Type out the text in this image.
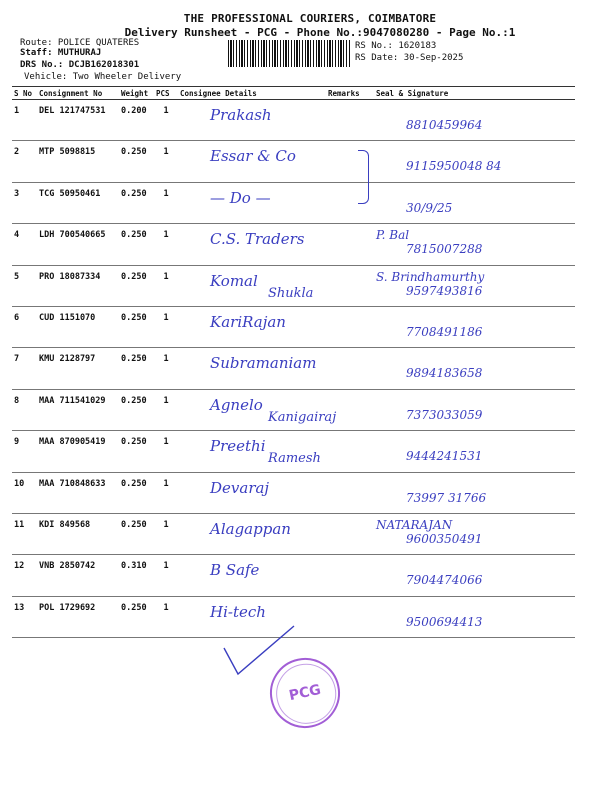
THE PROFESSIONAL COURIERS, COIMBATORE
Delivery Runsheet - PCG - Phone No.:9047080280 - Page No.:1
Route: POLICE QUATERES
Staff: MUTHURAJ
DRS No.: DCJB162018301
Vehicle: Two Wheeler Delivery
RS No.: 1620183
RS Date: 30-Sep-2025
S No	Consignment No	Weight	PCS	Consignee Details	Remarks	Seal & Signature
1	DEL 121747531	0.200	1	Prakash		8810459964

2	MTP 5098815	0.250	1	Essar & Co		9115950048 84

3	TCG 50950461	0.250	1	— Do —		30/9/25

4	LDH 700540665	0.250	1	C.S. Traders		P. Bal
7815007288

5	PRO 18087334	0.250	1	Komal
Shukla		S. Brindhamurthy
9597493816

6	CUD 1151070	0.250	1	KariRajan		7708491186

7	KMU 2128797	0.250	1	Subramaniam		9894183658

8	MAA 711541029	0.250	1	Agnelo
Kanigairaj		7373033059

9	MAA 870905419	0.250	1	Preethi
Ramesh		9444241531

10	MAA 710848633	0.250	1	Devaraj		73997 31766

11	KDI 849568	0.250	1	Alagappan		NATARAJAN
9600350491

12	VNB 2850742	0.310	1	B Safe		7904474066

13	POL 1729692	0.250	1	Hi-tech		9500694413
PCG
